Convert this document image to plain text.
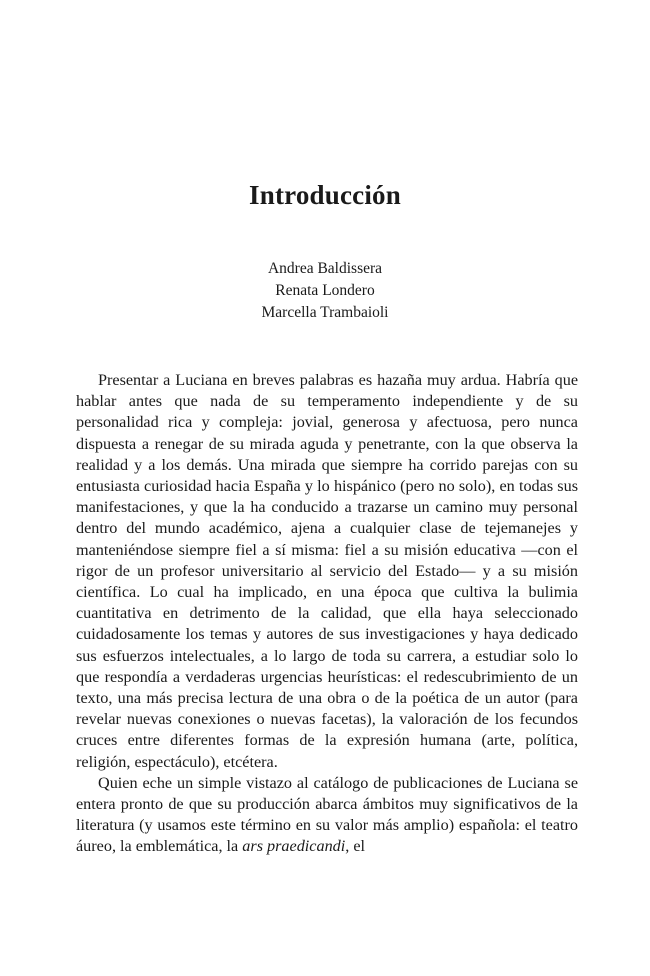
Introducción
Andrea Baldissera
Renata Londero
Marcella Trambaioli

Presentar a Luciana en breves palabras es hazaña muy ardua. Habría que hablar antes que nada de su temperamento independiente y de su personalidad rica y compleja: jovial, generosa y afectuosa, pero nunca dispuesta a renegar de su mirada aguda y penetrante, con la que observa la realidad y a los demás. Una mirada que siempre ha corrido parejas con su entusiasta curiosidad hacia España y lo hispánico (pero no solo), en todas sus manifestaciones, y que la ha conducido a trazarse un camino muy personal dentro del mundo académico, ajena a cualquier clase de tejemanejes y manteniéndose siempre fiel a sí misma: fiel a su misión educativa —con el rigor de un profesor universitario al servicio del Estado— y a su misión científica. Lo cual ha implicado, en una época que cultiva la bulimia cuantitativa en detrimento de la calidad, que ella haya seleccionado cuidadosamente los temas y autores de sus investigaciones y haya dedicado sus esfuerzos intelectuales, a lo largo de toda su carrera, a estudiar solo lo que respondía a verdaderas urgencias heurísticas: el redescubrimiento de un texto, una más precisa lectura de una obra o de la poética de un autor (para revelar nuevas conexiones o nuevas facetas), la valoración de los fecundos cruces entre diferentes formas de la expresión humana (arte, política, religión, espectáculo), etcétera.

Quien eche un simple vistazo al catálogo de publicaciones de Luciana se entera pronto de que su producción abarca ámbitos muy significativos de la literatura (y usamos este término en su valor más amplio) española: el teatro áureo, la emblemática, la ars praedicandi, el
